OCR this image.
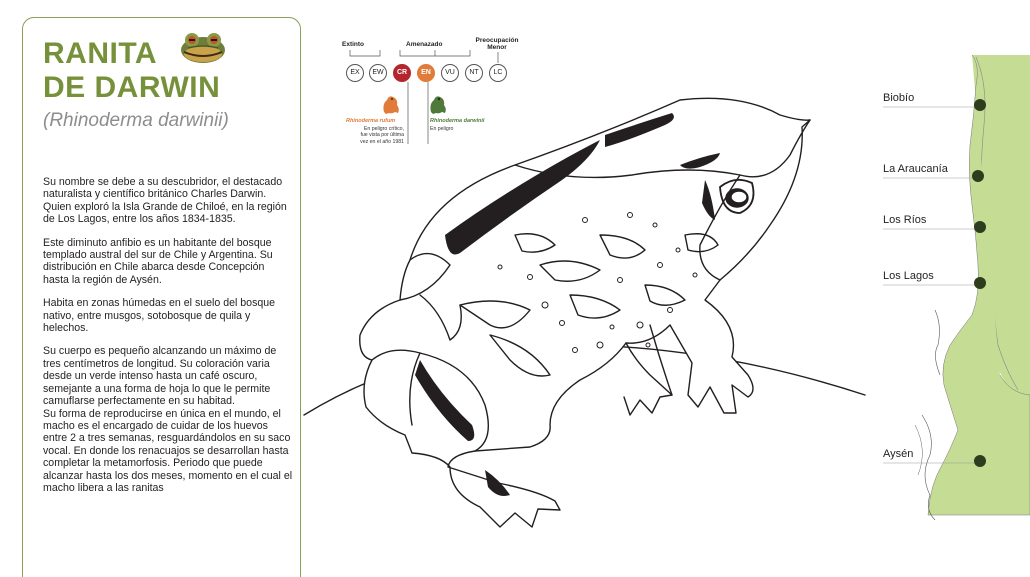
RANITA
DE DARWIN

(Rhinoderma darwinii)

Su nombre se debe a su descubridor, el destacado naturalista y científico británico Charles Darwin. Quien exploró la Isla Grande de Chiloé, en la región de Los Lagos, entre los años 1834-1835.

Este diminuto anfibio es un habitante del bosque templado austral del sur de Chile y Argentina. Su distribución en Chile abarca desde Concepción hasta la región de Aysén.

Habita en zonas húmedas en el suelo del bosque nativo, entre musgos, sotobosque de quila y helechos.

Su cuerpo es pequeño alcanzando un máximo de tres centímetros de longitud. Su coloración varia desde un verde intenso hasta un café oscuro, semejante a una forma de hoja lo que le permite camuflarse perfectamente en su habitad.

Su forma de reproducirse en única en el mundo, el macho es el encargado de cuidar de los huevos entre 2 a tres semanas, resguardándolos en su saco vocal. En donde los renacuajos se desarrollan hasta completar la metamorfosis. Periodo que puede alcanzar hasta los dos meses, momento en el cual el macho libera a las ranitas

Extinto	Amenazado
Preocupación
Menor
EX	EW	CR	EN	VU	NT	LC
Rhinoderma rufum
En peligro crítico,
fue vista por última
vez en el año 1981
Rhinoderma darwinii
En peligro
Biobío
La Araucanía
Los Ríos
Los Lagos
Aysén
